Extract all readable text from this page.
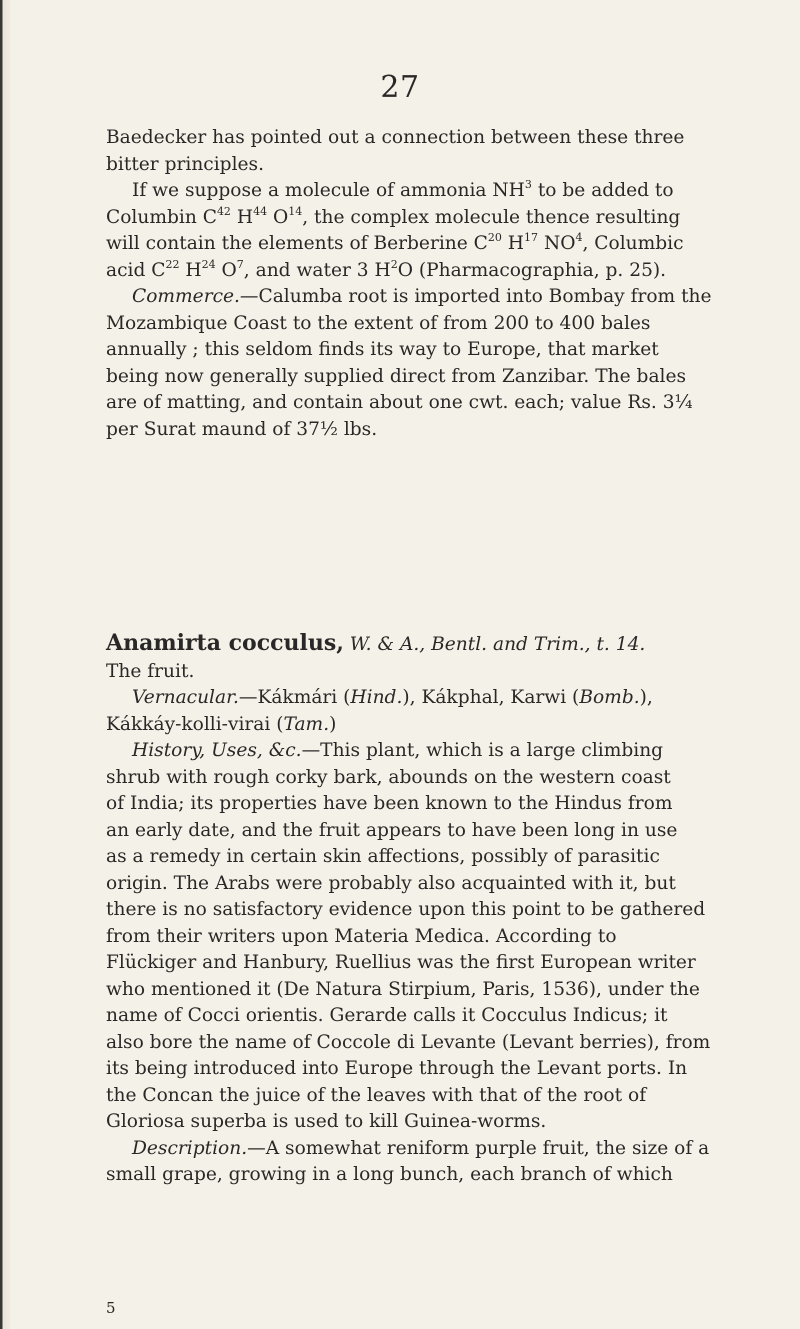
27
Baedecker has pointed out a connection between these three
bitter principles.
If we suppose a molecule of ammonia $NH^3$ to be added to
Columbin $C^{42}$ $H^{44}$ $O^{14}$, the complex molecule thence resulting
will contain the elements of Berberine $C^{20}$ $H^{17}$ $NO^4$, Columbic
acid $C^{22}$ $H^{24}$ $O^7$, and water 3 $H^2O$ (Pharmacographia, p. 25).
Commerce.—Calumba root is imported into Bombay from the
Mozambique Coast to the extent of from 200 to 400 bales
annually ; this seldom finds its way to Europe, that market
being now generally supplied direct from Zanzibar. The bales
are of matting, and contain about one cwt. each; value Rs. 3¼
per Surat maund of 37½ lbs.
Anamirta cocculus, W. & A., Bentl. and Trim., t. 14.
The fruit.
Vernacular.—Kákmári (Hind.), Kákphal, Karwi (Bomb.),
Kákkáy-kolli-virai (Tam.)
History, Uses, &c.—This plant, which is a large climbing
shrub with rough corky bark, abounds on the western coast
of India; its properties have been known to the Hindus from
an early date, and the fruit appears to have been long in use
as a remedy in certain skin affections, possibly of parasitic
origin. The Arabs were probably also acquainted with it, but
there is no satisfactory evidence upon this point to be gathered
from their writers upon Materia Medica. According to
Flückiger and Hanbury, Ruellius was the first European writer
who mentioned it (De Natura Stirpium, Paris, 1536), under the
name of Cocci orientis. Gerarde calls it Cocculus Indicus; it
also bore the name of Coccole di Levante (Levant berries), from
its being introduced into Europe through the Levant ports. In
the Concan the juice of the leaves with that of the root of
Gloriosa superba is used to kill Guinea-worms.
Description.—A somewhat reniform purple fruit, the size of a
small grape, growing in a long bunch, each branch of which
5
